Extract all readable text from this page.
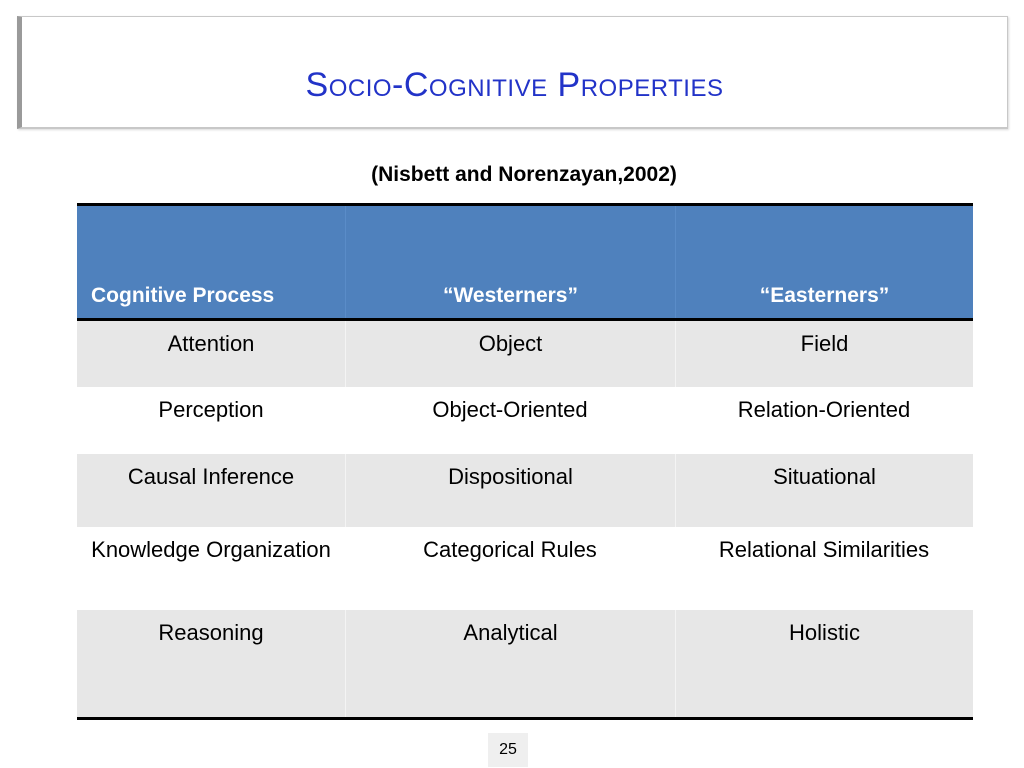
Socio-Cognitive Properties
(Nisbett and Norenzayan,2002)
Cognitive Process	“Westerners”	“Easterners”
Attention	Object	Field
Perception	Object-Oriented	Relation-Oriented
Causal Inference	Dispositional	Situational
Knowledge Organization	Categorical Rules	Relational Similarities
Reasoning	Analytical	Holistic
25
